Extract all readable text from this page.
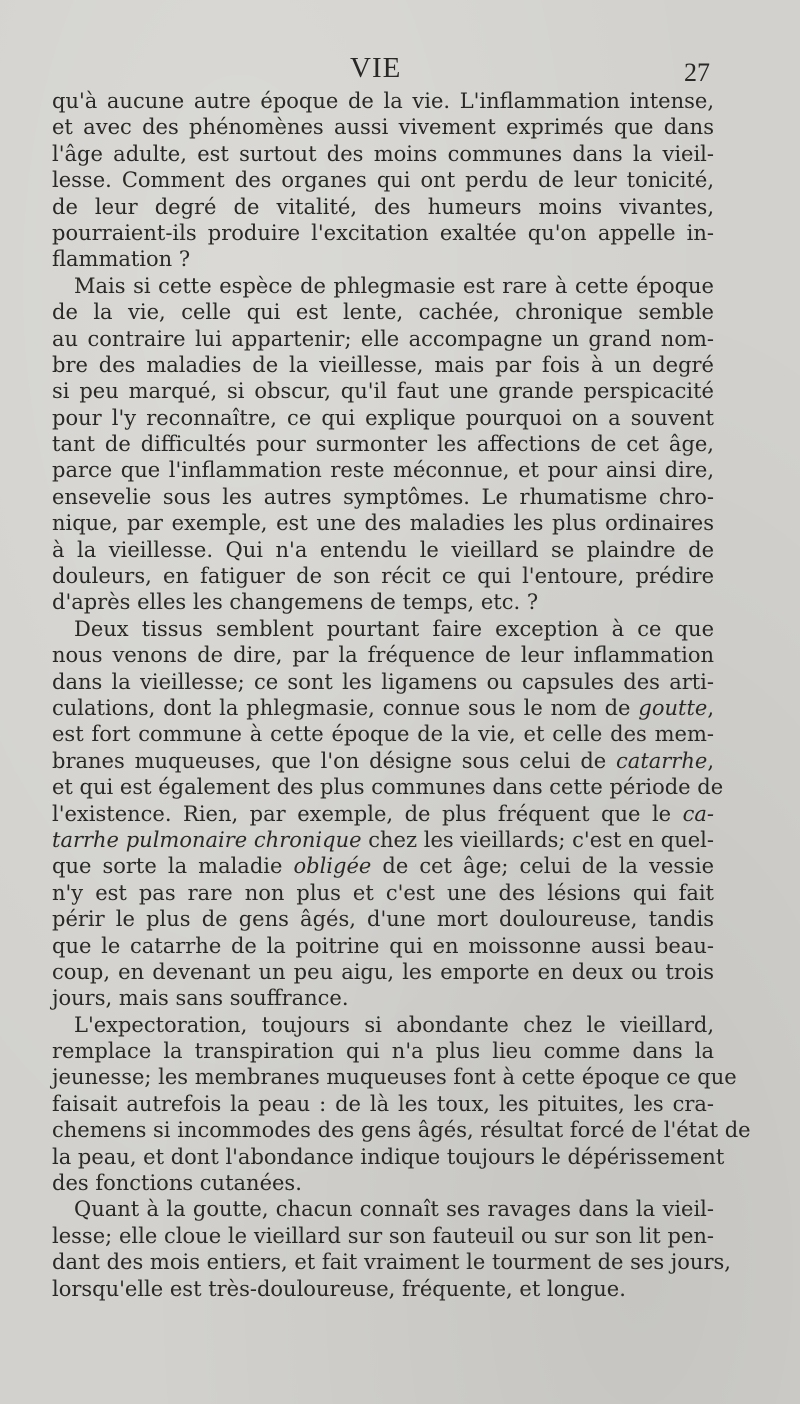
VIE	27
qu'à aucune autre époque de la vie. L'inflammation intense,
et avec des phénomènes aussi vivement exprimés que dans
l'âge adulte, est surtout des moins communes dans la vieil-
lesse. Comment des organes qui ont perdu de leur tonicité,
de leur degré de vitalité, des humeurs moins vivantes,
pourraient-ils produire l'excitation exaltée qu'on appelle in-
flammation ?
Mais si cette espèce de phlegmasie est rare à cette époque
de la vie, celle qui est lente, cachée, chronique semble
au contraire lui appartenir; elle accompagne un grand nom-
bre des maladies de la vieillesse, mais par fois à un degré
si peu marqué, si obscur, qu'il faut une grande perspicacité
pour l'y reconnaître, ce qui explique pourquoi on a souvent
tant de difficultés pour surmonter les affections de cet âge,
parce que l'inflammation reste méconnue, et pour ainsi dire,
ensevelie sous les autres symptômes. Le rhumatisme chro-
nique, par exemple, est une des maladies les plus ordinaires
à la vieillesse. Qui n'a entendu le vieillard se plaindre de
douleurs, en fatiguer de son récit ce qui l'entoure, prédire
d'après elles les changemens de temps, etc. ?
Deux tissus semblent pourtant faire exception à ce que
nous venons de dire, par la fréquence de leur inflammation
dans la vieillesse; ce sont les ligamens ou capsules des arti-
culations, dont la phlegmasie, connue sous le nom de goutte,
est fort commune à cette époque de la vie, et celle des mem-
branes muqueuses, que l'on désigne sous celui de catarrhe,
et qui est également des plus communes dans cette période de
l'existence. Rien, par exemple, de plus fréquent que le ca-
tarrhe pulmonaire chronique chez les vieillards; c'est en quel-
que sorte la maladie obligée de cet âge; celui de la vessie
n'y est pas rare non plus et c'est une des lésions qui fait
périr le plus de gens âgés, d'une mort douloureuse, tandis
que le catarrhe de la poitrine qui en moissonne aussi beau-
coup, en devenant un peu aigu, les emporte en deux ou trois
jours, mais sans souffrance.
L'expectoration, toujours si abondante chez le vieillard,
remplace la transpiration qui n'a plus lieu comme dans la
jeunesse; les membranes muqueuses font à cette époque ce que
faisait autrefois la peau : de là les toux, les pituites, les cra-
chemens si incommodes des gens âgés, résultat forcé de l'état de
la peau, et dont l'abondance indique toujours le dépérissement
des fonctions cutanées.
Quant à la goutte, chacun connaît ses ravages dans la vieil-
lesse; elle cloue le vieillard sur son fauteuil ou sur son lit pen-
dant des mois entiers, et fait vraiment le tourment de ses jours,
lorsqu'elle est très-douloureuse, fréquente, et longue.
